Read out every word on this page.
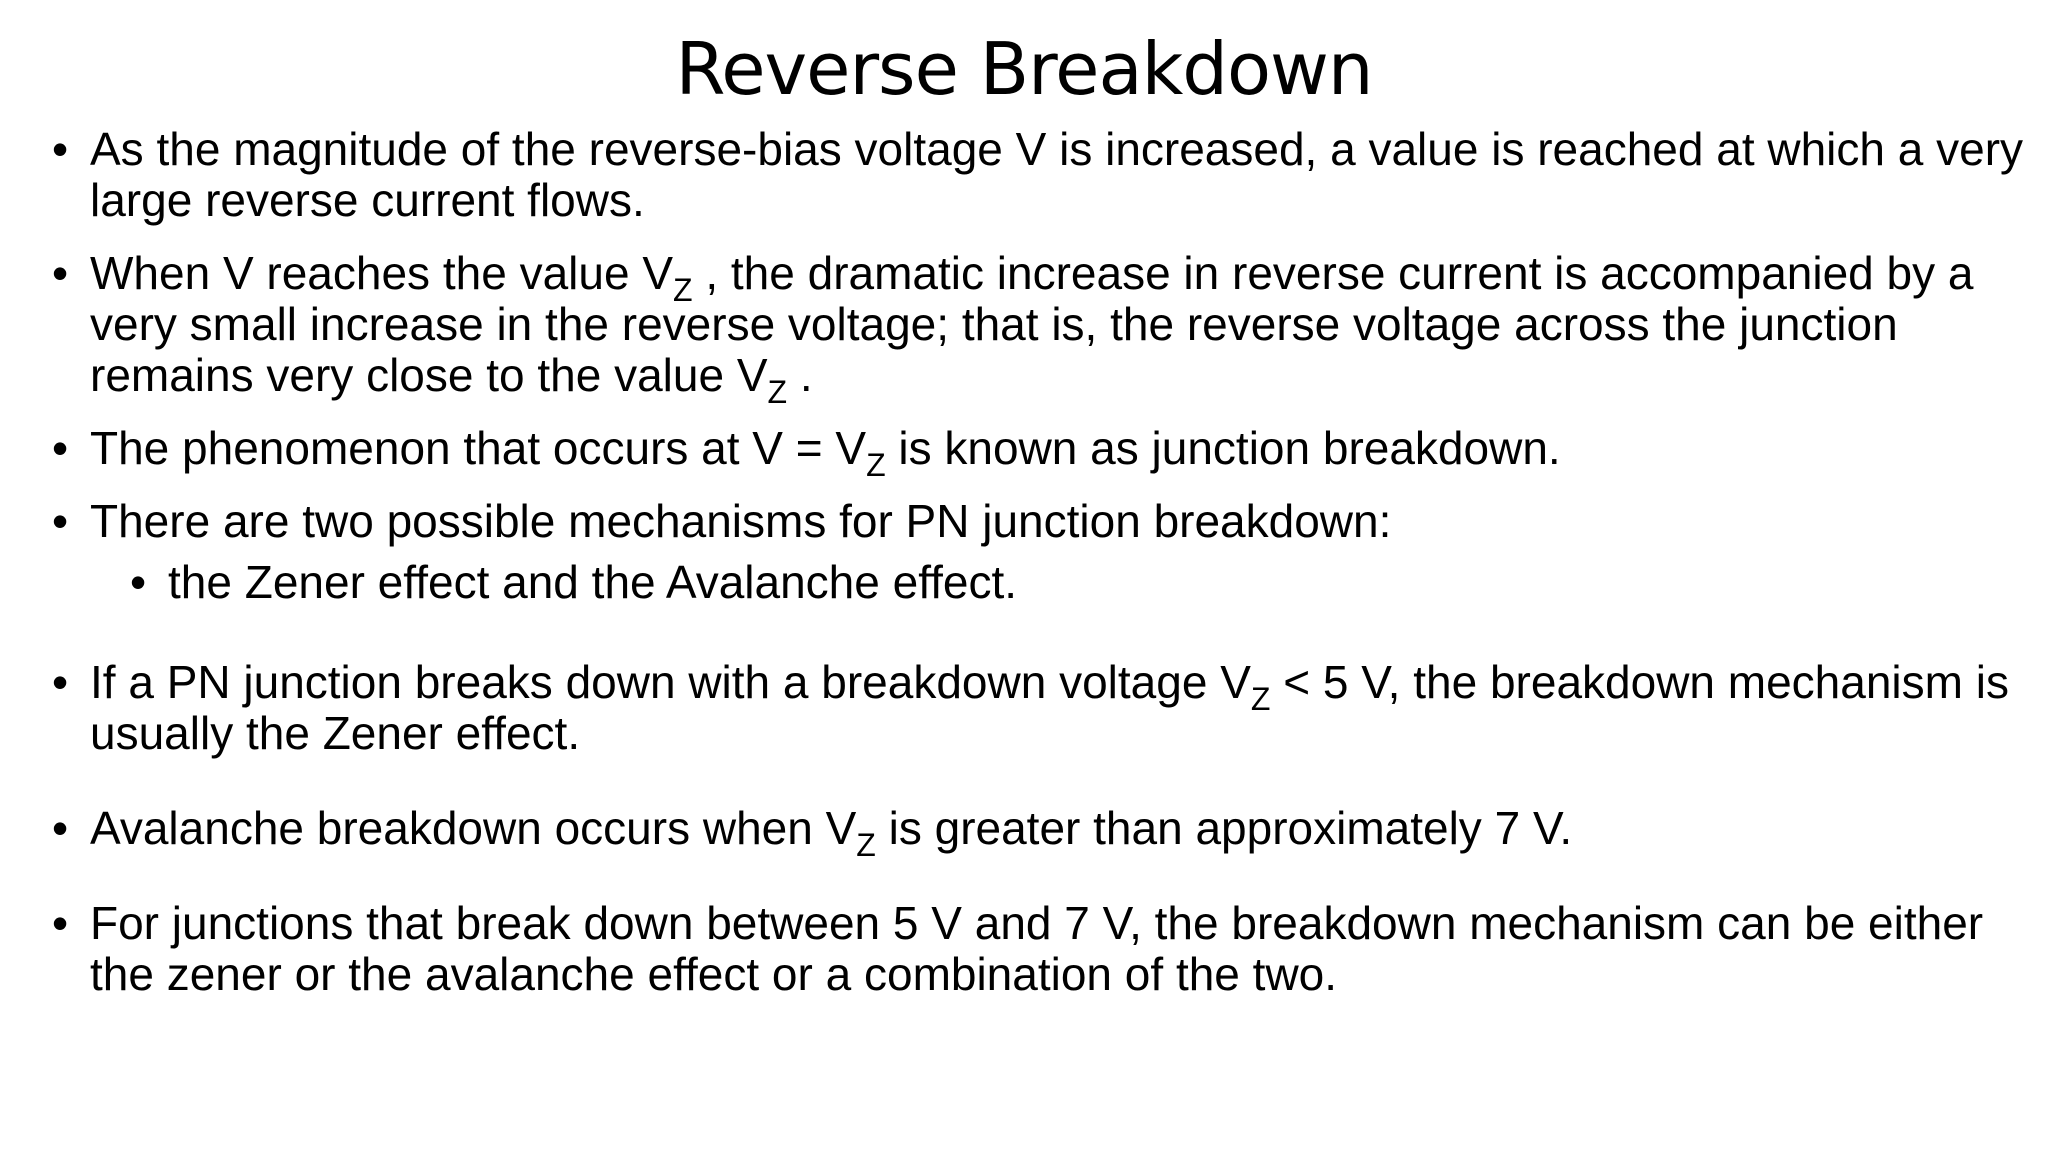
Reverse Breakdown

• As the magnitude of the reverse-bias voltage V is increased, a value is reached at which a very large reverse current flows.

• When V reaches the value $V_Z$ , the dramatic increase in reverse current is accompanied by a very small increase in the reverse voltage; that is, the reverse voltage across the junction remains very close to the value $V_Z$ .

• The phenomenon that occurs at $V = V_Z$ is known as junction breakdown.

• There are two possible mechanisms for PN junction breakdown:

• the Zener effect and the Avalanche effect.

• If a PN junction breaks down with a breakdown voltage $V_Z < 5$ V, the breakdown mechanism is usually the Zener effect.

• Avalanche breakdown occurs when $V_Z$ is greater than approximately 7 V.

• For junctions that break down between 5 V and 7 V, the breakdown mechanism can be either the zener or the avalanche effect or a combination of the two.
